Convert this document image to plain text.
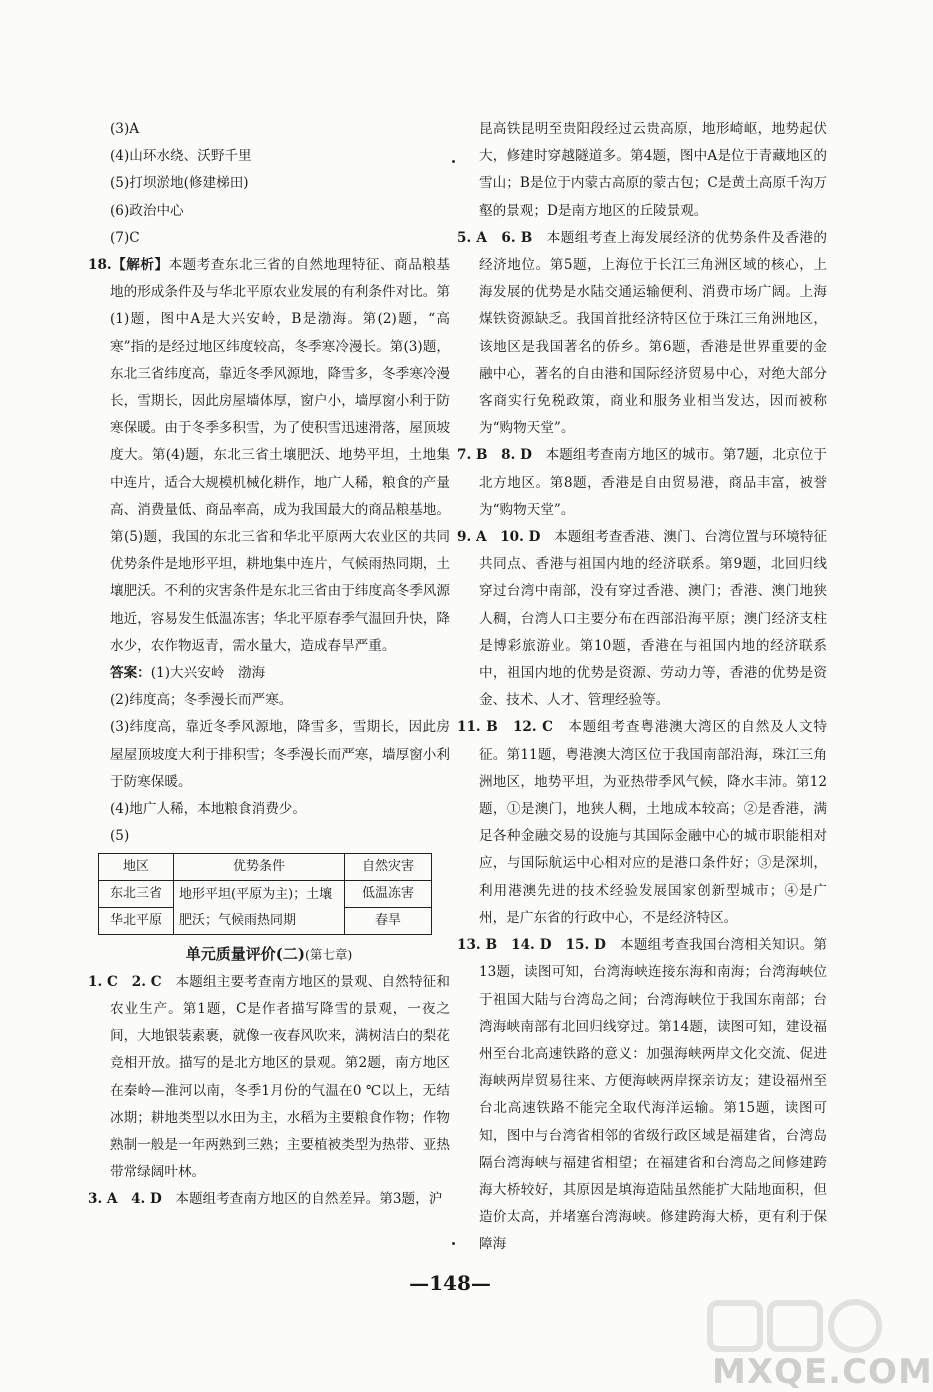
(3)A

(4)山环水绕、沃野千里

(5)打坝淤地(修建梯田)

(6)政治中心

(7)C

18.【解析】本题考查东北三省的自然地理特征、商品粮基地的形成条件及与华北平原农业发展的有利条件对比。第(1)题，图中A是大兴安岭，B是渤海。第(2)题，“高寒”指的是经过地区纬度较高，冬季寒冷漫长。第(3)题，东北三省纬度高，靠近冬季风源地，降雪多，冬季寒冷漫长，雪期长，因此房屋墙体厚，窗户小，墙厚窗小利于防寒保暖。由于冬季多积雪，为了使积雪迅速滑落，屋顶坡度大。第(4)题，东北三省土壤肥沃、地势平坦，土地集中连片，适合大规模机械化耕作，地广人稀，粮食的产量高、消费量低、商品率高，成为我国最大的商品粮基地。第(5)题，我国的东北三省和华北平原两大农业区的共同优势条件是地形平坦，耕地集中连片，气候雨热同期，土壤肥沃。不利的灾害条件是东北三省由于纬度高冬季风源地近，容易发生低温冻害；华北平原春季气温回升快，降水少，农作物返青，需水量大，造成春旱严重。

答案：(1)大兴安岭　渤海

(2)纬度高；冬季漫长而严寒。

(3)纬度高，靠近冬季风源地，降雪多，雪期长，因此房屋屋顶坡度大利于排积雪；冬季漫长而严寒，墙厚窗小利于防寒保暖。

(4)地广人稀，本地粮食消费少。

(5)

地区	优势条件	自然灾害
东北三省	地形平坦(平原为主)；土壤
肥沃；气候雨热同期	低温冻害
华北平原		春旱

单元质量评价(二)(第七章)

1. C　2. C　 本题组主要考查南方地区的景观、自然特征和农业生产。第1题，C是作者描写降雪的景观，一夜之间，大地银装素裹，就像一夜春风吹来，满树洁白的梨花竞相开放。描写的是北方地区的景观。第2题，南方地区在秦岭—淮河以南，冬季1月份的气温在0 ℃以上，无结冰期；耕地类型以水田为主，水稻为主要粮食作物；作物熟制一般是一年两熟到三熟；主要植被类型为热带、亚热带常绿阔叶林。

3. A　4. D　 本题组考查南方地区的自然差异。第3题，沪

昆高铁昆明至贵阳段经过云贵高原，地形崎岖，地势起伏大，修建时穿越隧道多。第4题，图中A是位于青藏地区的雪山；B是位于内蒙古高原的蒙古包；C是黄土高原千沟万壑的景观；D是南方地区的丘陵景观。

5. A　6. B　 本题组考查上海发展经济的优势条件及香港的经济地位。第5题，上海位于长江三角洲区域的核心，上海发展的优势是水陆交通运输便利、消费市场广阔。上海煤铁资源缺乏。我国首批经济特区位于珠江三角洲地区，该地区是我国著名的侨乡。第6题，香港是世界重要的金融中心，著名的自由港和国际经济贸易中心，对绝大部分客商实行免税政策，商业和服务业相当发达，因而被称为“购物天堂”。

7. B　8. D　 本题组考查南方地区的城市。第7题，北京位于北方地区。第8题，香港是自由贸易港，商品丰富，被誉为“购物天堂”。

9. A　10. D　 本题组考查香港、澳门、台湾位置与环境特征共同点、香港与祖国内地的经济联系。第9题，北回归线穿过台湾中南部，没有穿过香港、澳门；香港、澳门地狭人稠，台湾人口主要分布在西部沿海平原；澳门经济支柱是博彩旅游业。第10题，香港在与祖国内地的经济联系中，祖国内地的优势是资源、劳动力等，香港的优势是资金、技术、人才、管理经验等。

11. B　12. C　 本题组考查粤港澳大湾区的自然及人文特征。第11题，粤港澳大湾区位于我国南部沿海，珠江三角洲地区，地势平坦，为亚热带季风气候，降水丰沛。第12题，①是澳门，地狭人稠，土地成本较高；②是香港，满足各种金融交易的设施与其国际金融中心的城市职能相对应，与国际航运中心相对应的是港口条件好；③是深圳，利用港澳先进的技术经验发展国家创新型城市；④是广州，是广东省的行政中心，不是经济特区。

13. B　14. D　15. D　 本题组考查我国台湾相关知识。第13题，读图可知，台湾海峡连接东海和南海；台湾海峡位于祖国大陆与台湾岛之间；台湾海峡位于我国东南部；台湾海峡南部有北回归线穿过。第14题，读图可知，建设福州至台北高速铁路的意义：加强海峡两岸文化交流、促进海峡两岸贸易往来、方便海峡两岸探亲访友；建设福州至台北高速铁路不能完全取代海洋运输。第15题，读图可知，图中与台湾省相邻的省级行政区域是福建省，台湾岛隔台湾海峡与福建省相望；在福建省和台湾岛之间修建跨海大桥较好，其原因是填海造陆虽然能扩大陆地面积，但造价太高，并堵塞台湾海峡。修建跨海大桥，更有利于保障海

—148—
MXQE.COM
